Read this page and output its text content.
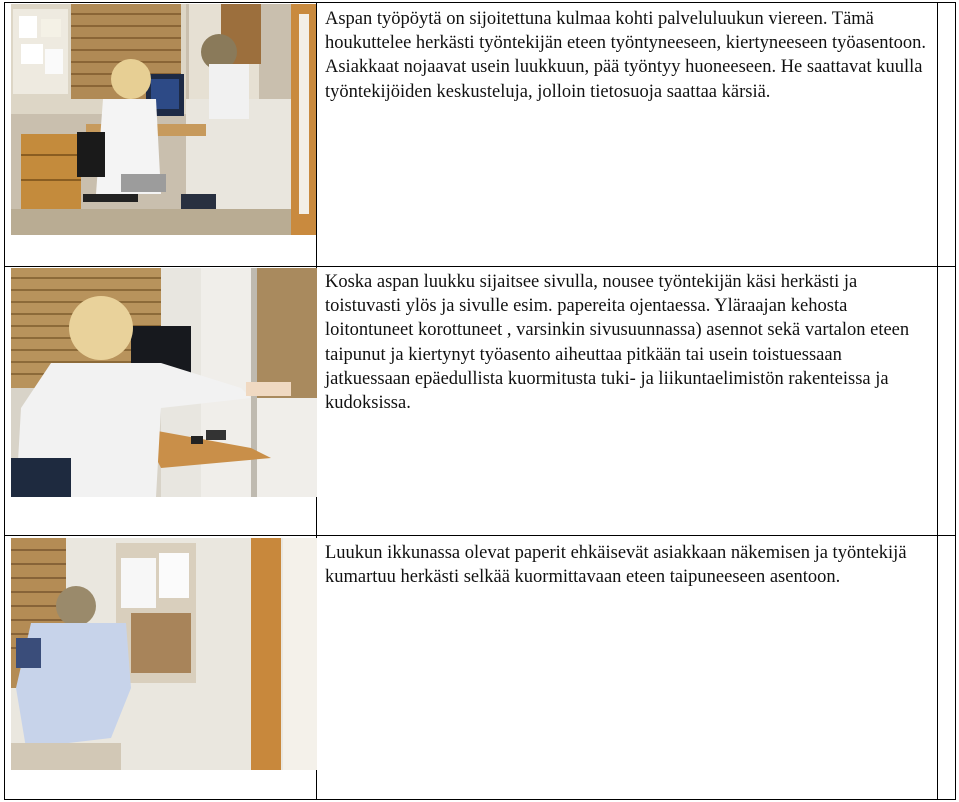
Aspan työpöytä on sijoitettuna kulmaa kohti palveluluukun viereen. Tämä houkuttelee herkästi työntekijän eteen työntyneeseen, kiertyneeseen työasentoon. Asiakkaat nojaavat usein luukkuun, pää työntyy huoneeseen. He saattavat kuulla työntekijöiden keskusteluja, jolloin tietosuoja saattaa kärsiä.
Koska aspan luukku sijaitsee sivulla, nousee työntekijän käsi herkästi ja toistuvasti ylös ja sivulle esim. papereita ojentaessa. Yläraajan kehosta loitontuneet korottuneet , varsinkin sivusuunnassa) asennot sekä vartalon eteen taipunut ja kiertynyt työasento aiheuttaa pitkään tai usein toistuessaan jatkuessaan epäedullista kuormitusta tuki- ja liikuntaelimistön rakenteissa ja kudoksissa.
Luukun ikkunassa olevat paperit ehkäisevät asiakkaan näkemisen ja työntekijä kumartuu herkästi selkää kuormittavaan eteen taipuneeseen asentoon.
